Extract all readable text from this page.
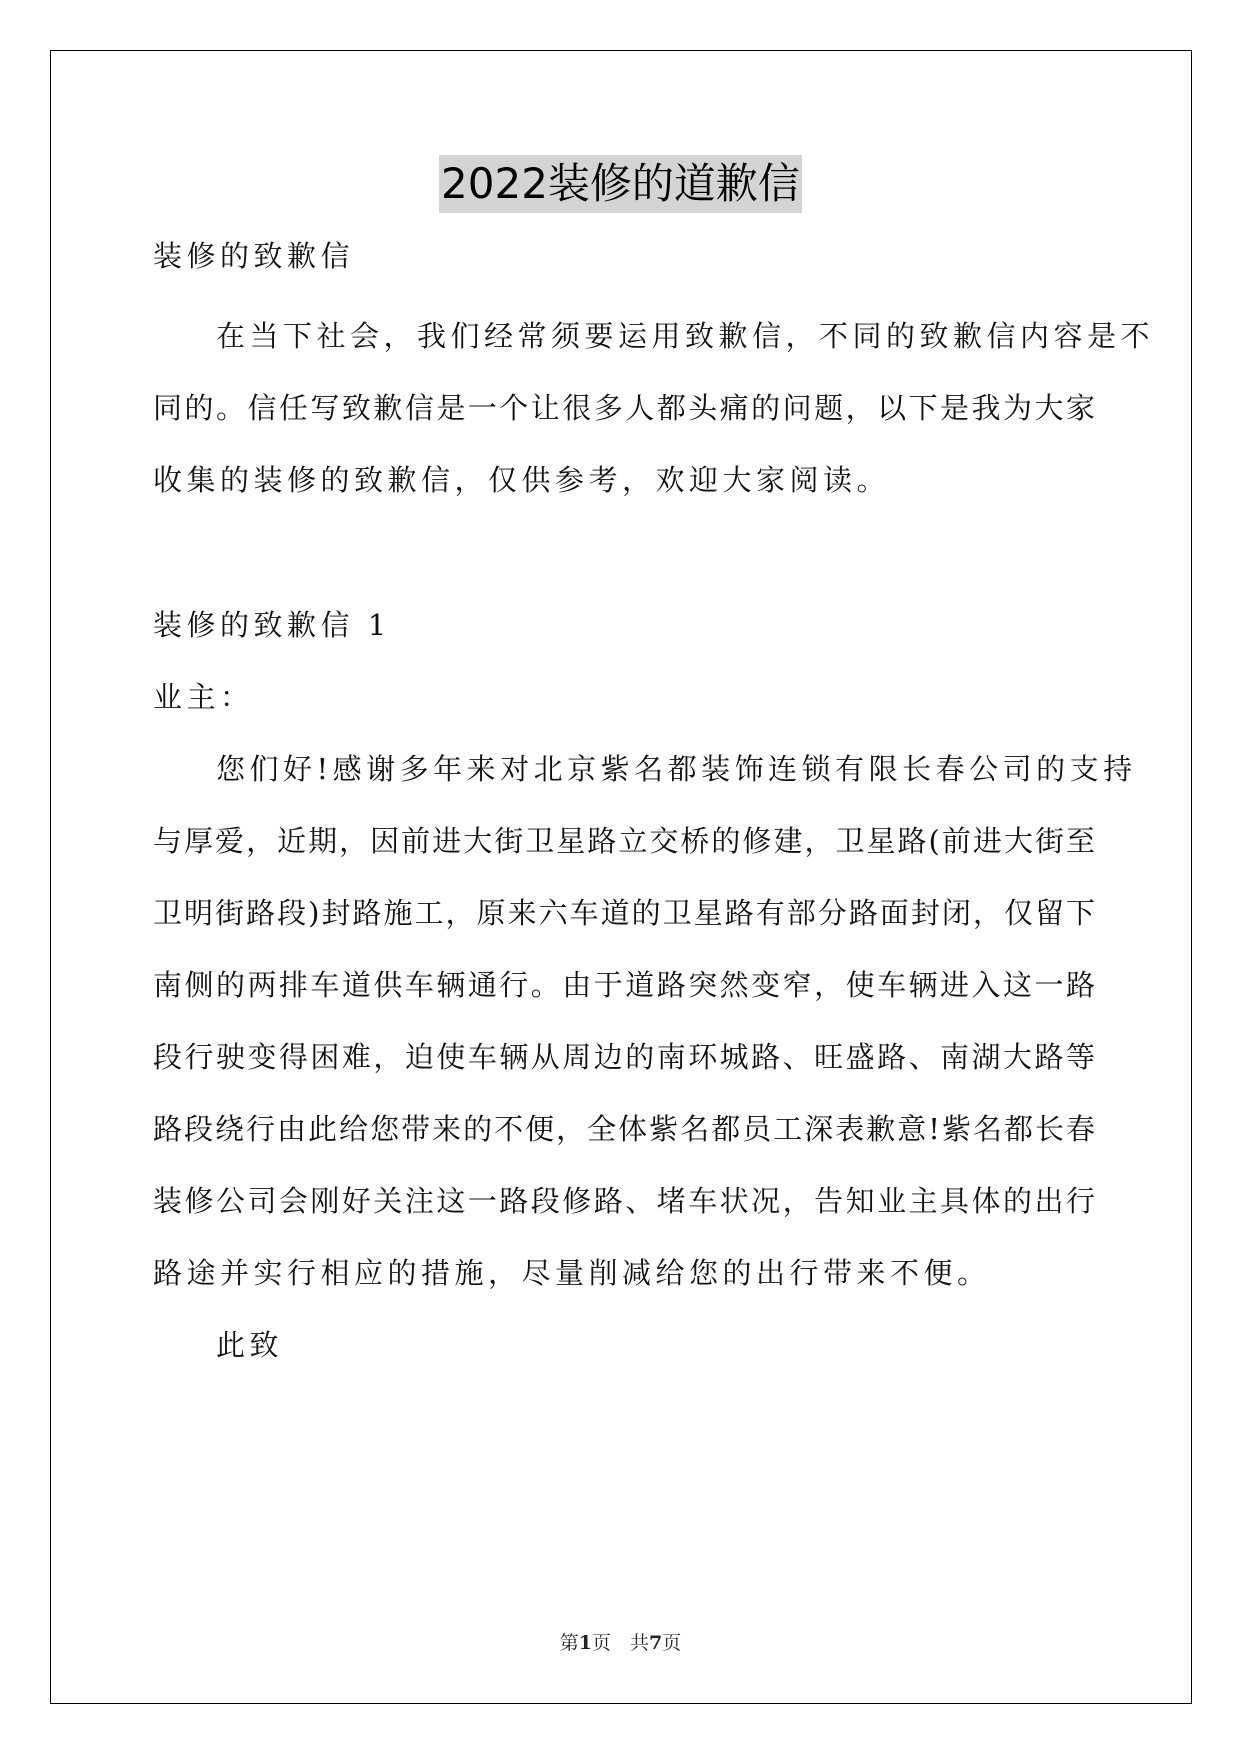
2022装修的道歉信
装修的致歉信
在当下社会，我们经常须要运用致歉信，不同的致歉信内容是不
同的。信任写致歉信是一个让很多人都头痛的问题，以下是我为大家
收集的装修的致歉信，仅供参考，欢迎大家阅读。
装修的致歉信 1
业主：
您们好!感谢多年来对北京紫名都装饰连锁有限长春公司的支持
与厚爱，近期，因前进大街卫星路立交桥的修建，卫星路(前进大街至
卫明街路段)封路施工，原来六车道的卫星路有部分路面封闭，仅留下
南侧的两排车道供车辆通行。由于道路突然变窄，使车辆进入这一路
段行驶变得困难，迫使车辆从周边的南环城路、旺盛路、南湖大路等
路段绕行由此给您带来的不便，全体紫名都员工深表歉意!紫名都长春
装修公司会刚好关注这一路段修路、堵车状况，告知业主具体的出行
路途并实行相应的措施，尽量削减给您的出行带来不便。
此致
第1页　共7页
